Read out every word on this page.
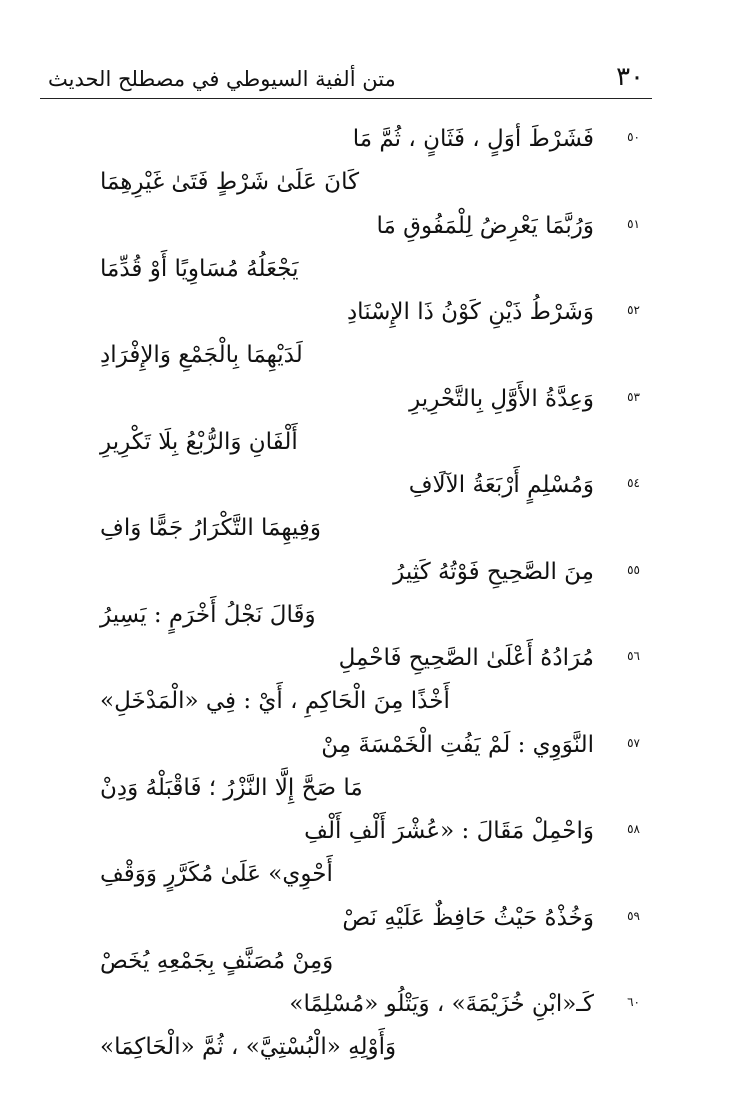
٣٠
متن ألفية السيوطي في مصطلح الحديث
٥٠
فَشَرْطَ أوَلٍ ، فَثَانٍ ، ثُمَّ مَا
كَانَ عَلَىٰ شَرْطٍ فَتَىٰ غَيْرِهِمَا
٥١
وَرُبَّمَا يَعْرِضُ لِلْمَفُوقِ مَا
يَجْعَلُهُ مُسَاوِيًا أَوْ قُدِّمَا
٥٢
وَشَرْطُ ذَيْنِ كَوْنُ ذَا الإِسْنَادِ
لَدَيْهِمَا بِالْجَمْعِ وَالإِفْرَادِ
٥٣
وَعِدَّةُ الأَوَّلِ بِالتَّحْرِيرِ
أَلْفَانِ وَالرُّبْعُ بِلَا تَكْرِيرِ
٥٤
وَمُسْلِمٍ أَرْبَعَةُ الآلَافِ
وَفِيهِمَا التَّكْرَارُ جَمًّا وَافِ
٥٥
مِنَ الصَّحِيحِ فَوْتُهُ كَثِيرُ
وَقَالَ نَجْلُ أَخْرَمٍ : يَسِيرُ
٥٦
مُرَادُهُ أَعْلَىٰ الصَّحِيحِ فَاحْمِلِ
أَخْذًا مِنَ الْحَاكِمِ ، أَيْ : فِي «الْمَدْخَلِ»
٥٧
النَّوَوِي : لَمْ يَفُتِ الْخَمْسَةَ مِنْ
مَا صَحَّ إِلَّا النَّزْرُ ؛ فَاقْبَلْهُ وَدِنْ
٥٨
وَاحْمِلْ مَقَالَ : «عُشْرَ أَلْفِ أَلْفِ
أَحْوِي» عَلَىٰ مُكَرَّرٍ وَوَقْفِ
٥٩
وَخُذْهُ حَيْثُ حَافِظٌ عَلَيْهِ نَصْ
وَمِنْ مُصَنَّفٍ بِجَمْعِهِ يُخَصْ
٦٠
كَـ«ابْنِ خُزَيْمَةَ» ، وَيَتْلُو «مُسْلِمًا»
وَأَوْلِهِ «الْبُسْتِيَّ» ، ثُمَّ «الْحَاكِمَا»
